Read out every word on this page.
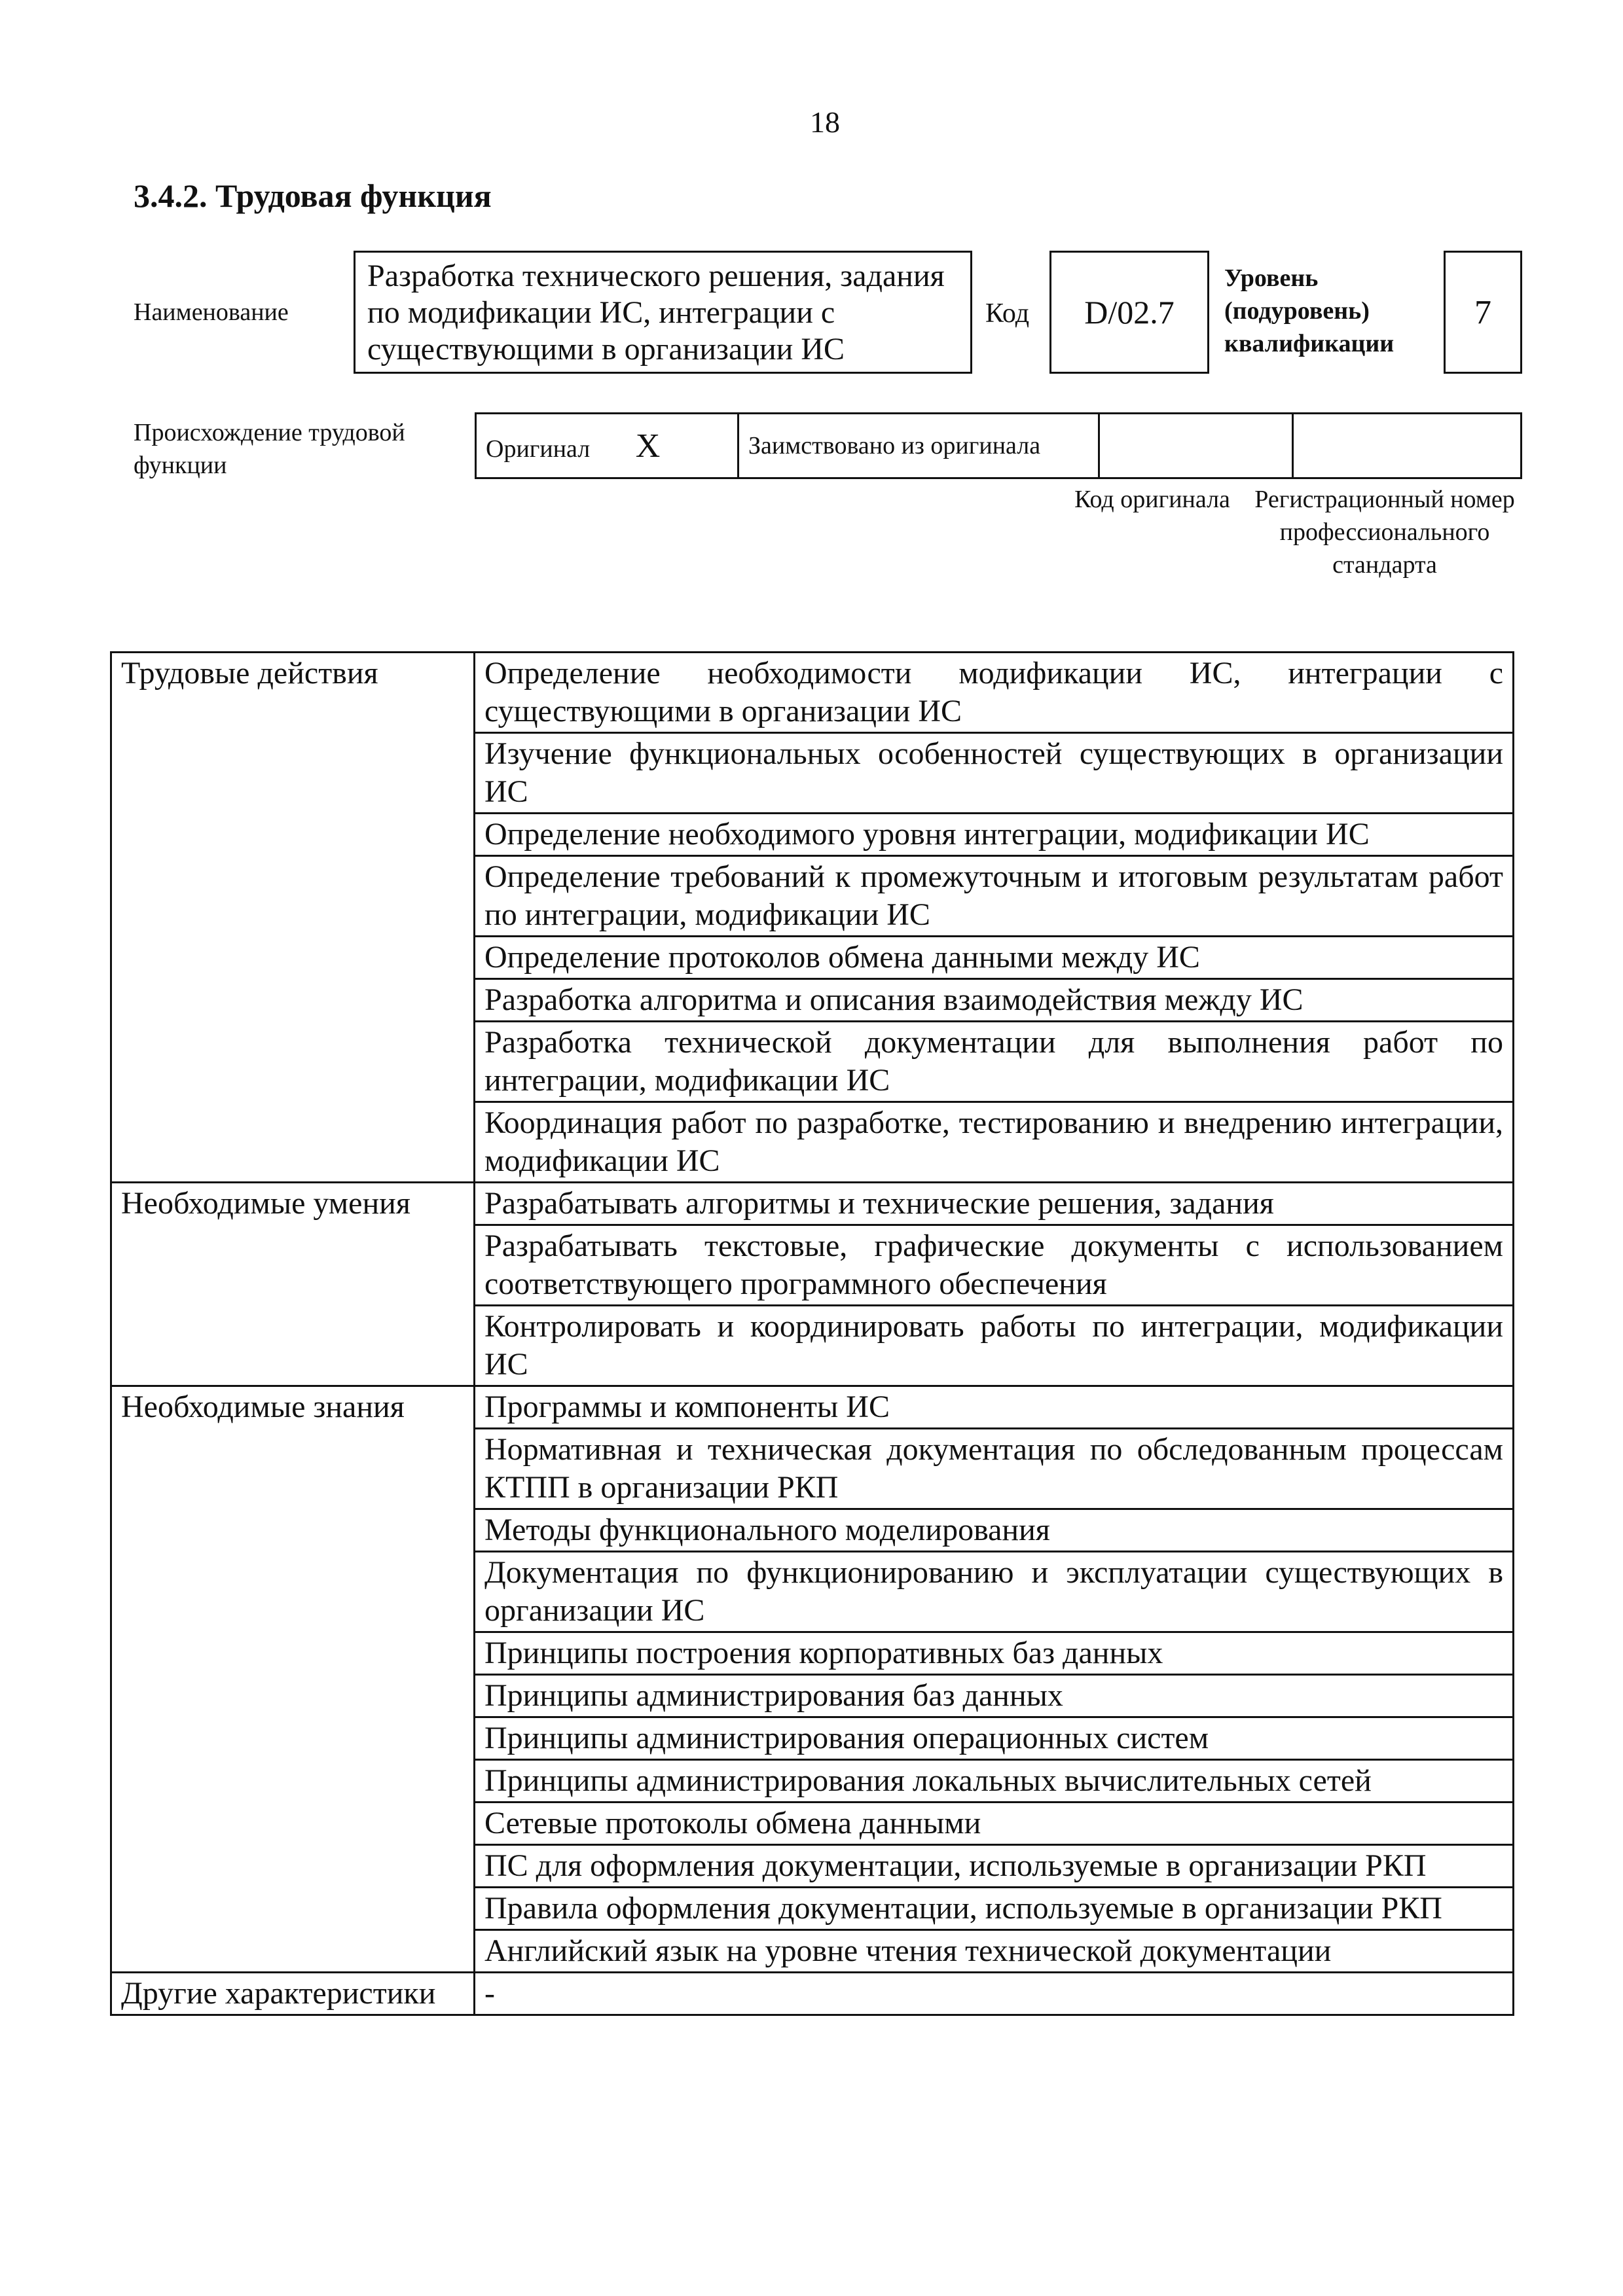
18
3.4.2. Трудовая функция
Наименование
Разработка технического решения, задания по модификации ИС, интеграции с существующими в организации ИС
Код	D/02.7
Уровень (подуровень) квалификации
7
Происхождение трудовой функции
Оригинал X	Заимствовано из оригинала		
Код оригинала Регистрационный номер профессионального стандарта
Трудовые действия	Определение необходимости модификации ИС, интеграции с существующими в организации ИС
	Изучение функциональных особенностей существующих в организации ИС
	Определение необходимого уровня интеграции, модификации ИС
	Определение требований к промежуточным и итоговым результатам работ по интеграции, модификации ИС
	Определение протоколов обмена данными между ИС
	Разработка алгоритма и описания взаимодействия между ИС
	Разработка технической документации для выполнения работ по интеграции, модификации ИС
	Координация работ по разработке, тестированию и внедрению интеграции, модификации ИС
Необходимые умения	Разрабатывать алгоритмы и технические решения, задания
	Разрабатывать текстовые, графические документы с использованием соответствующего программного обеспечения
	Контролировать и координировать работы по интеграции, модификации ИС
Необходимые знания	Программы и компоненты ИС
	Нормативная и техническая документация по обследованным процессам КТПП в организации РКП
	Методы функционального моделирования
	Документация по функционированию и эксплуатации существующих в организации ИС
	Принципы построения корпоративных баз данных
	Принципы администрирования баз данных
	Принципы администрирования операционных систем
	Принципы администрирования локальных вычислительных сетей
	Сетевые протоколы обмена данными
	ПС для оформления документации, используемые в организации РКП
	Правила оформления документации, используемые в организации РКП
	Английский язык на уровне чтения технической документации
Другие характеристики	-
